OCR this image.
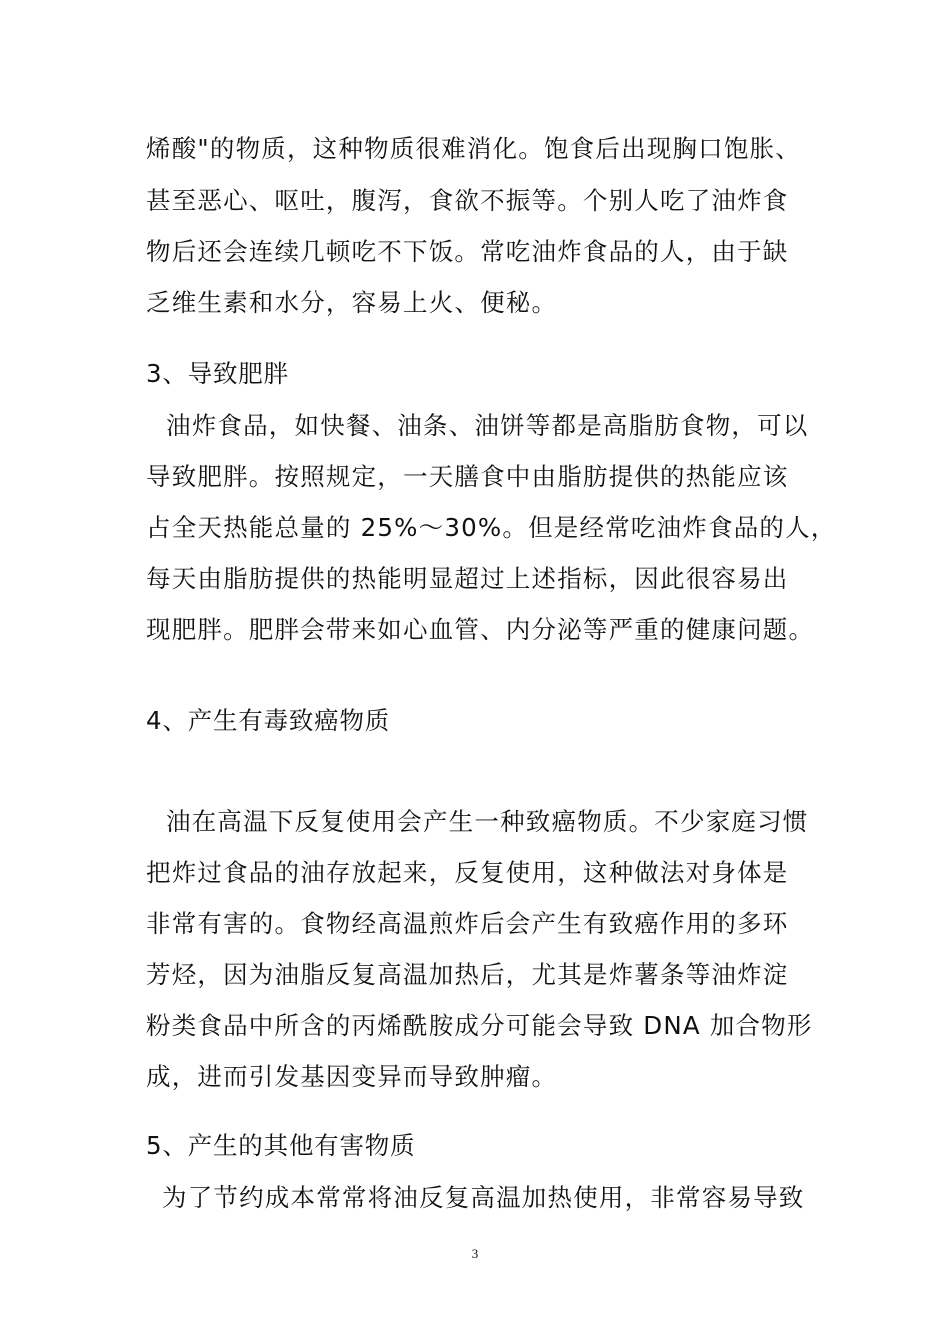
烯酸"的物质，这种物质很难消化。饱食后出现胸口饱胀、
甚至恶心、呕吐，腹泻，食欲不振等。个别人吃了油炸食
物后还会连续几顿吃不下饭。常吃油炸食品的人，由于缺
乏维生素和水分，容易上火、便秘。
3、导致肥胖
油炸食品，如快餐、油条、油饼等都是高脂肪食物，可以
导致肥胖。按照规定，一天膳食中由脂肪提供的热能应该
占全天热能总量的 25%～30%。但是经常吃油炸食品的人，
每天由脂肪提供的热能明显超过上述指标，因此很容易出
现肥胖。肥胖会带来如心血管、内分泌等严重的健康问题。
4、产生有毒致癌物质
油在高温下反复使用会产生一种致癌物质。不少家庭习惯
把炸过食品的油存放起来，反复使用，这种做法对身体是
非常有害的。食物经高温煎炸后会产生有致癌作用的多环
芳烃，因为油脂反复高温加热后，尤其是炸薯条等油炸淀
粉类食品中所含的丙烯酰胺成分可能会导致 DNA 加合物形
成，进而引发基因变异而导致肿瘤。
5、产生的其他有害物质
为了节约成本常常将油反复高温加热使用，非常容易导致
3
